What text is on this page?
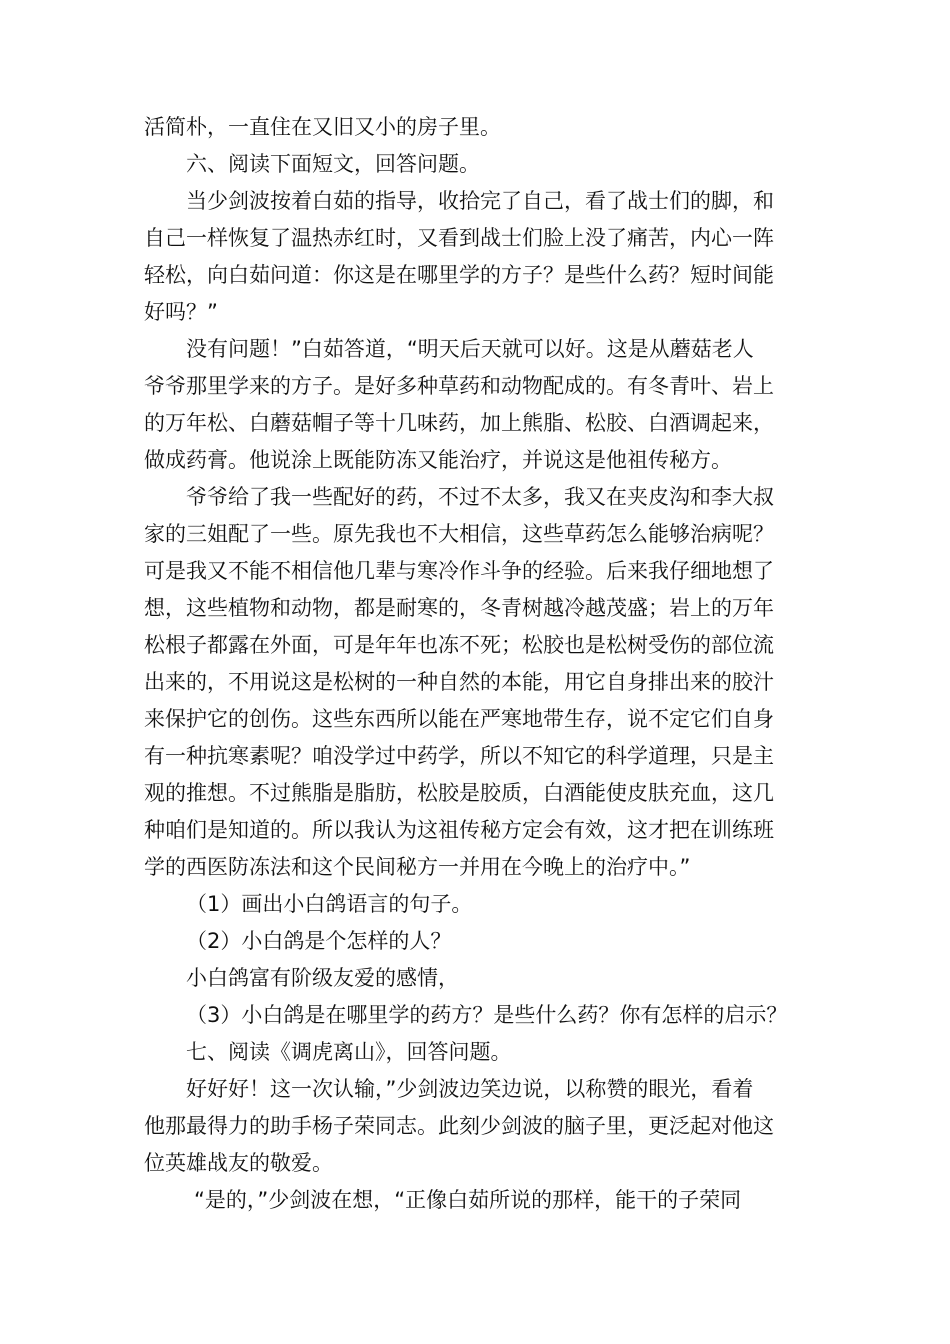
活简朴，一直住在又旧又小的房子里。
六、阅读下面短文，回答问题。
当少剑波按着白茹的指导，收拾完了自己，看了战士们的脚，和
自己一样恢复了温热赤红时，又看到战士们脸上没了痛苦，内心一阵
轻松，向白茹问道：你这是在哪里学的方子？是些什么药？短时间能
好吗？”
没有问题！”白茹答道，“明天后天就可以好。这是从蘑菇老人
爷爷那里学来的方子。是好多种草药和动物配成的。有冬青叶、岩上
的万年松、白蘑菇帽子等十几味药，加上熊脂、松胶、白酒调起来，
做成药膏。他说涂上既能防冻又能治疗，并说这是他祖传秘方。
爷爷给了我一些配好的药，不过不太多，我又在夹皮沟和李大叔
家的三姐配了一些。原先我也不大相信，这些草药怎么能够治病呢？
可是我又不能不相信他几辈与寒冷作斗争的经验。后来我仔细地想了
想，这些植物和动物，都是耐寒的，冬青树越冷越茂盛；岩上的万年
松根子都露在外面，可是年年也冻不死；松胶也是松树受伤的部位流
出来的，不用说这是松树的一种自然的本能，用它自身排出来的胶汁
来保护它的创伤。这些东西所以能在严寒地带生存，说不定它们自身
有一种抗寒素呢？咱没学过中药学，所以不知它的科学道理，只是主
观的推想。不过熊脂是脂肪，松胶是胶质，白酒能使皮肤充血，这几
种咱们是知道的。所以我认为这祖传秘方定会有效，这才把在训练班
学的西医防冻法和这个民间秘方一并用在今晚上的治疗中。”
（1）画出小白鸽语言的句子。
（2）小白鸽是个怎样的人？
小白鸽富有阶级友爱的感情，
（3）小白鸽是在哪里学的药方？是些什么药？你有怎样的启示？
七、阅读《调虎离山》，回答问题。
好好好！这一次认输，”少剑波边笑边说，以称赞的眼光，看着
他那最得力的助手杨子荣同志。此刻少剑波的脑子里，更泛起对他这
位英雄战友的敬爱。
“是的，”少剑波在想，“正像白茹所说的那样，能干的子荣同
